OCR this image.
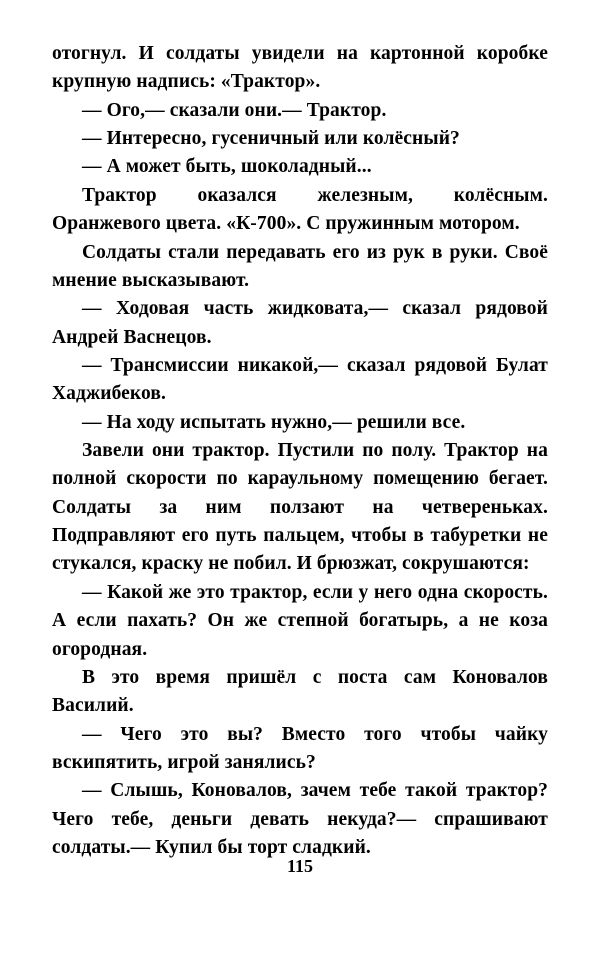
отогнул. И солдаты увидели на картонной коробке крупную надпись: «Трактор».

— Ого,— сказали они.— Трактор.

— Интересно, гусеничный или колёсный?

— А может быть, шоколадный...

Трактор оказался железным, колёсным. Оранжевого цвета. «К-700». С пружинным мотором.

Солдаты стали передавать его из рук в руки. Своё мнение высказывают.

— Ходовая часть жидковата,— сказал рядовой Андрей Васнецов.

— Трансмиссии никакой,— сказал рядовой Булат Хаджибеков.

— На ходу испытать нужно,— решили все.

Завели они трактор. Пустили по полу. Трактор на полной скорости по караульному помещению бегает. Солдаты за ним ползают на четвереньках. Подправляют его путь пальцем, чтобы в табуретки не стукался, краску не побил. И брюзжат, сокрушаются:

— Какой же это трактор, если у него одна скорость. А если пахать? Он же степной богатырь, а не коза огородная.

В это время пришёл с поста сам Коновалов Василий.

— Чего это вы? Вместо того чтобы чайку вскипятить, игрой занялись?

— Слышь, Коновалов, зачем тебе такой трактор? Чего тебе, деньги девать некуда?— спрашивают солдаты.— Купил бы торт сладкий.

115
